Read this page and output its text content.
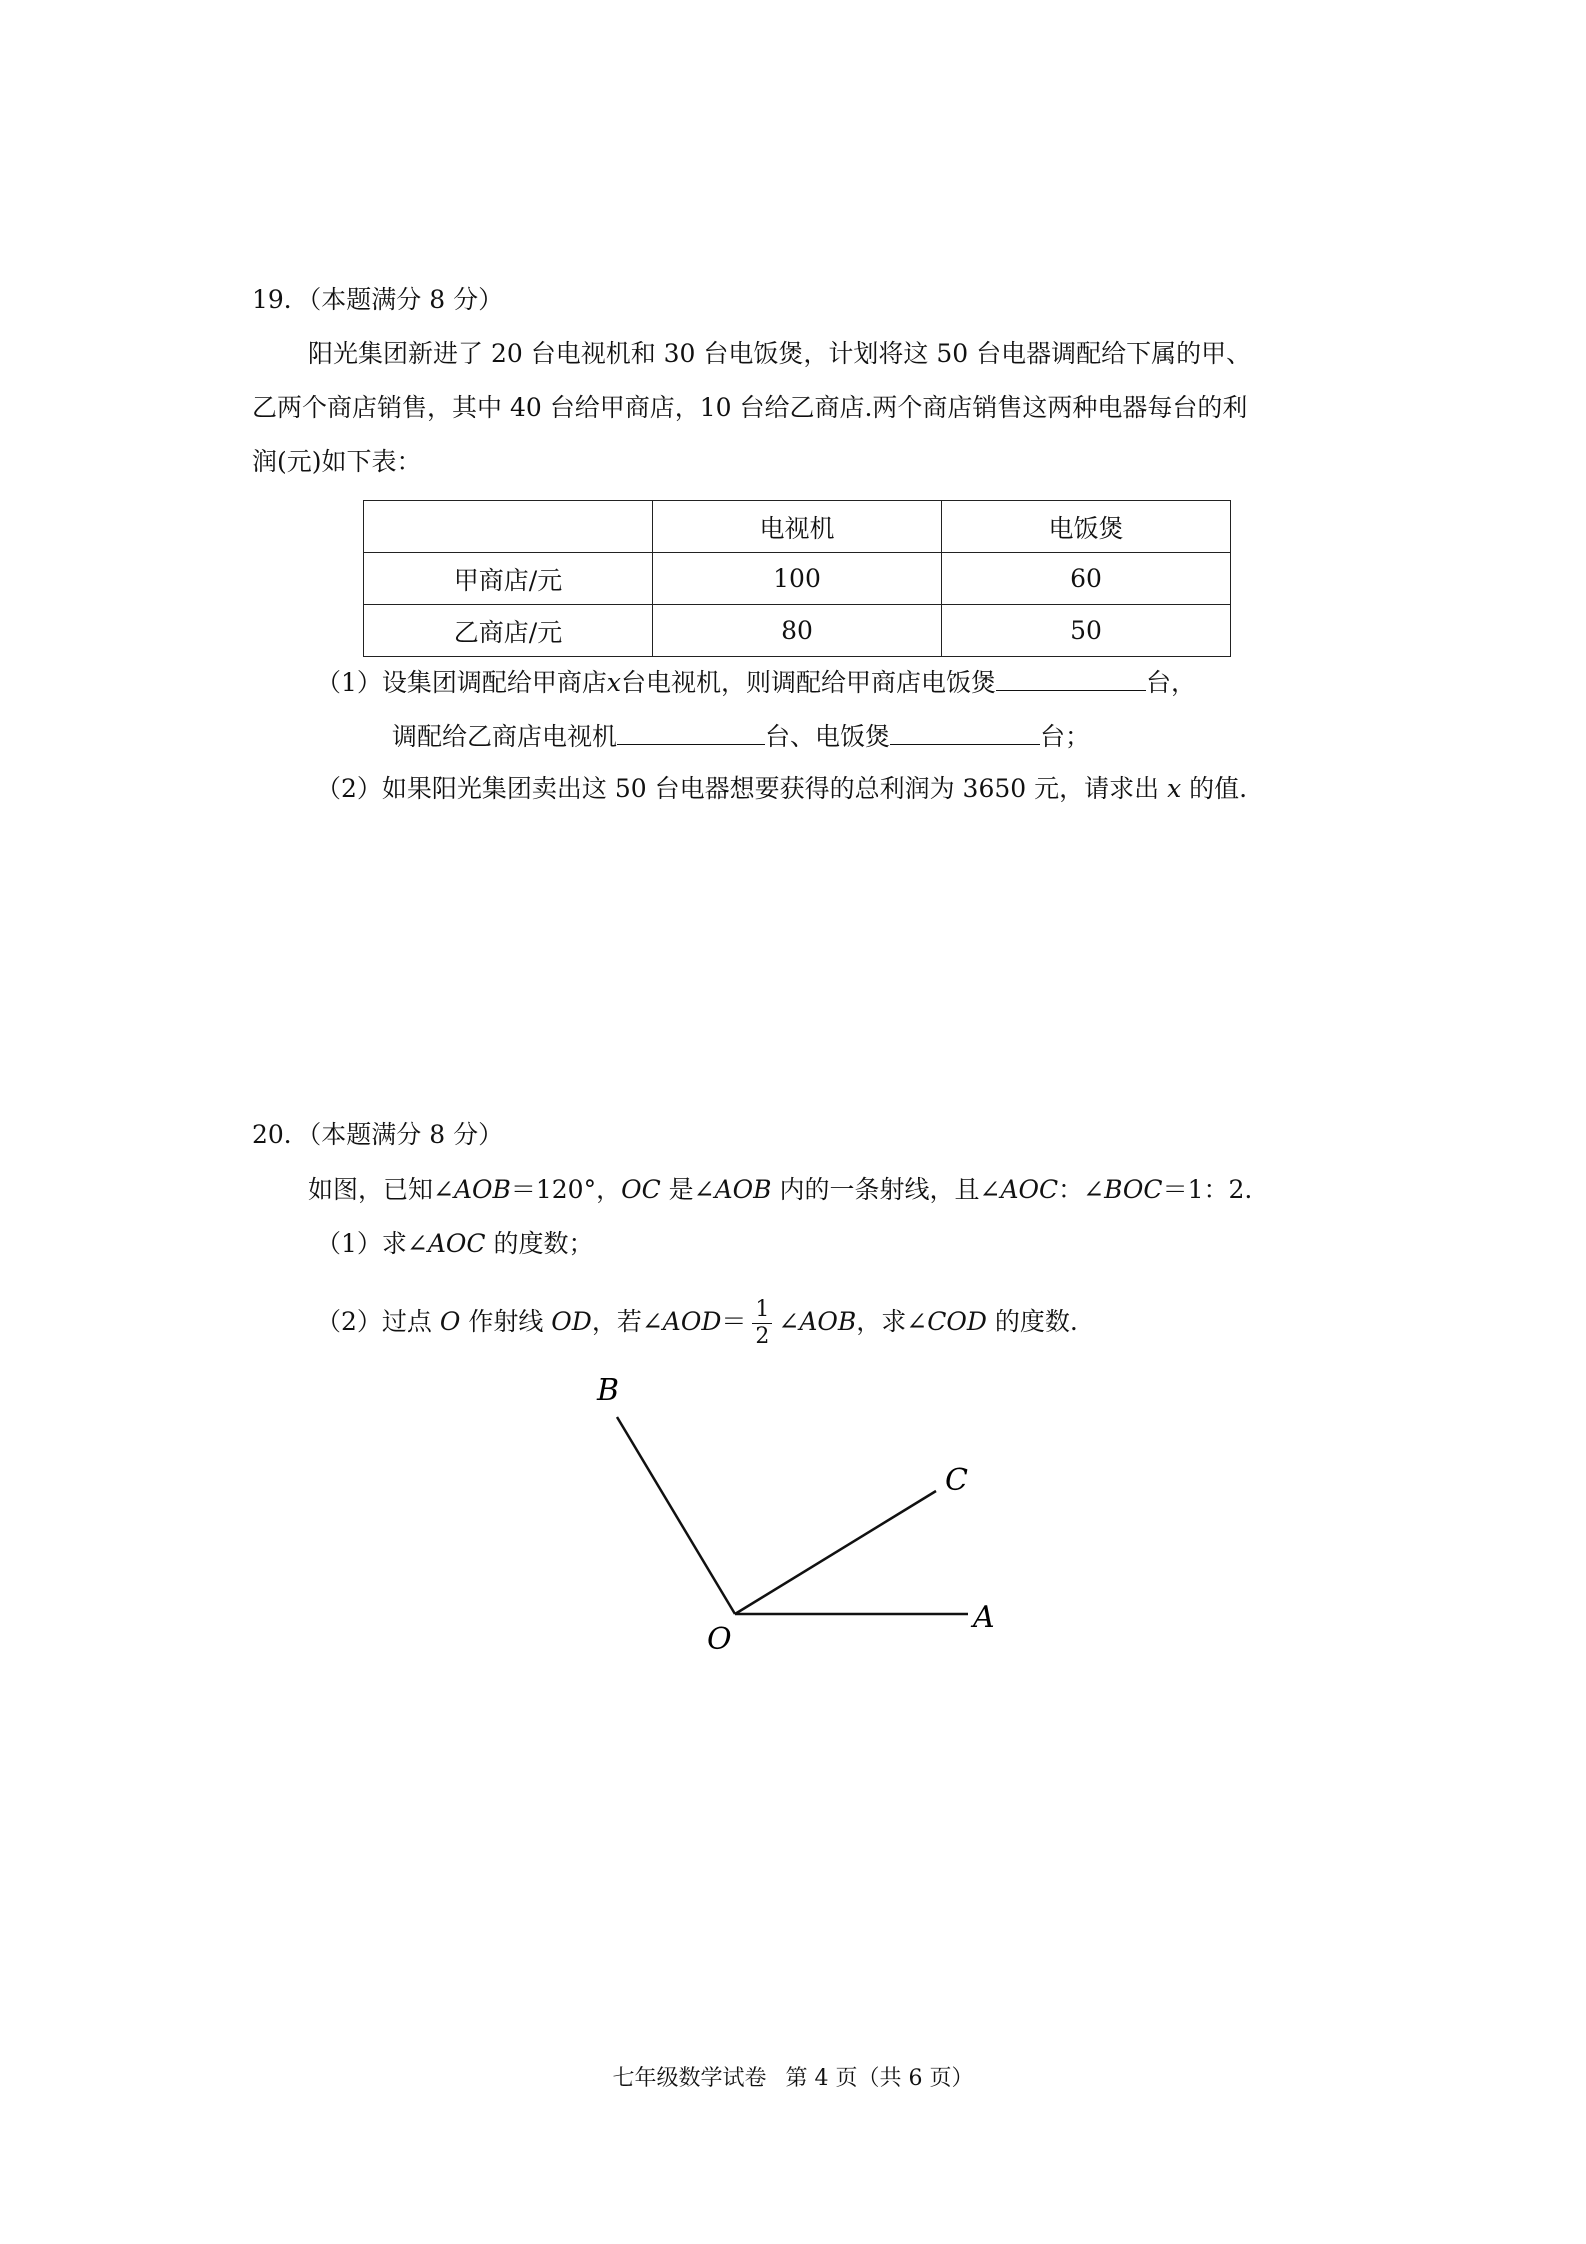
19．（本题满分 8 分）
阳光集团新进了 20 台电视机和 30 台电饭煲，计划将这 50 台电器调配给下属的甲、
乙两个商店销售，其中 40 台给甲商店，10 台给乙商店.两个商店销售这两种电器每台的利
润(元)如下表：
	电视机	电饭煲
甲商店/元	100	60
乙商店/元	80	50
（1）设集团调配给甲商店x台电视机，则调配给甲商店电饭煲	台，
调配给乙商店电视机	台、电饭煲	台；
（2）如果阳光集团卖出这 50 台电器想要获得的总利润为 3650 元，请求出 x 的值.
20．（本题满分 8 分）
如图，已知∠AOB＝120°，OC 是∠AOB 内的一条射线，且∠AOC：∠BOC＝1：2.
（1）求∠AOC 的度数；
（2）过点 O 作射线 OD，若∠AOD＝ $\frac{1}{2}$ ∠AOB，求∠COD 的度数.
B
C
O
A
七年级数学试卷 第 4 页（共 6 页）
